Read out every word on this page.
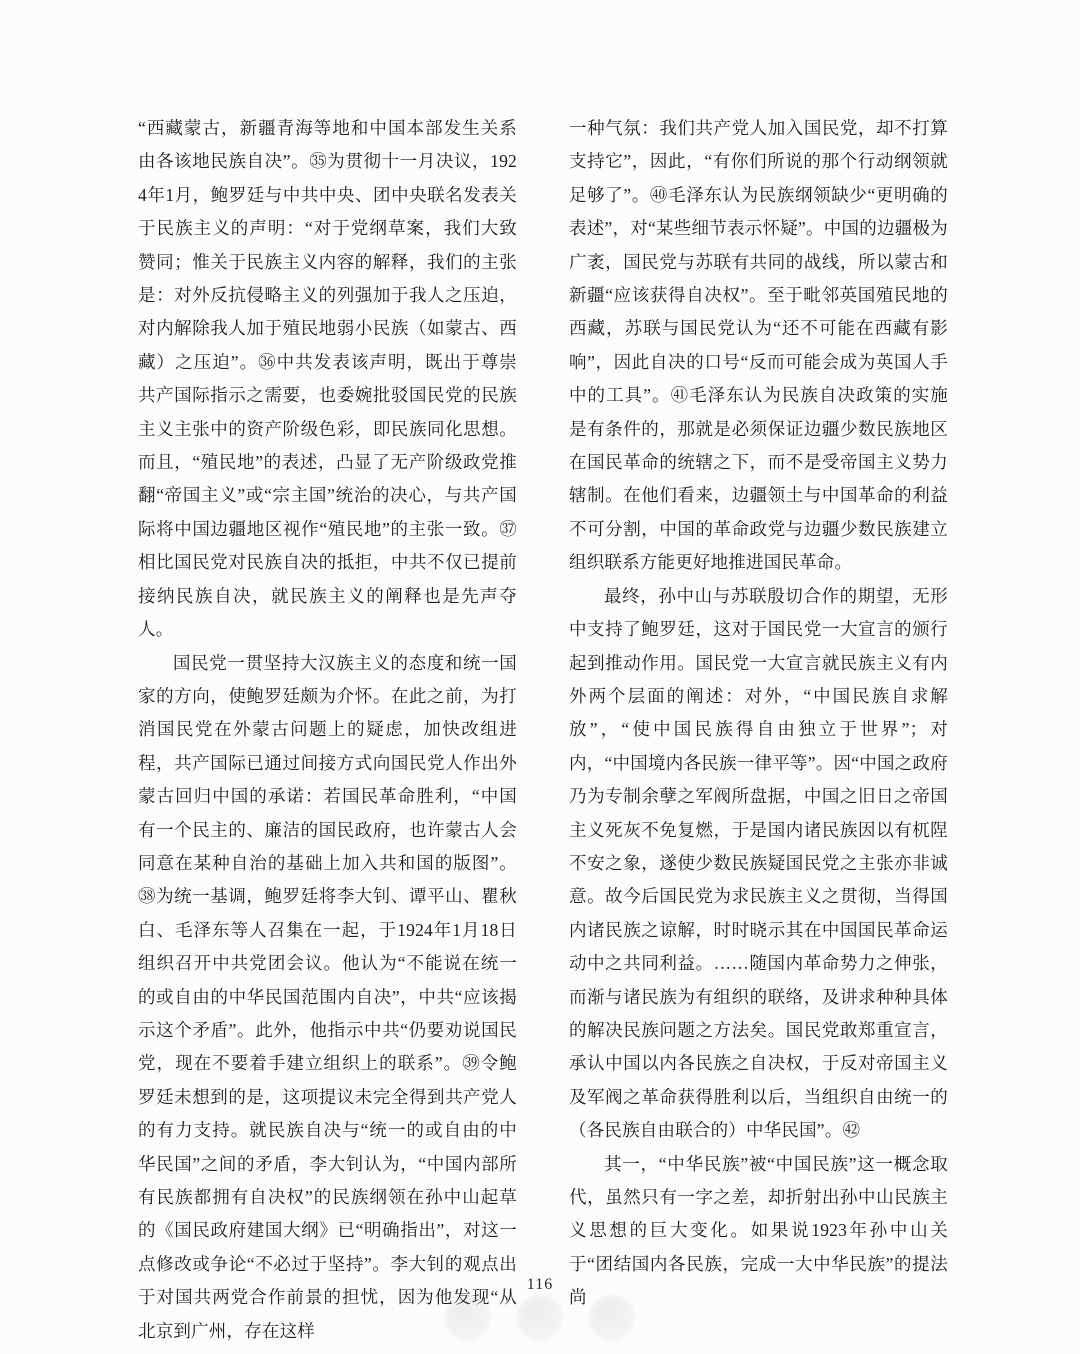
“西藏蒙古，新疆青海等地和中国本部发生关系由各该地民族自决”。㉟为贯彻十一月决议，1924年1月，鲍罗廷与中共中央、团中央联名发表关于民族主义的声明：“对于党纲草案，我们大致赞同；惟关于民族主义内容的解释，我们的主张是：对外反抗侵略主义的列强加于我人之压迫，对内解除我人加于殖民地弱小民族（如蒙古、西藏）之压迫”。㊱中共发表该声明，既出于尊崇共产国际指示之需要，也委婉批驳国民党的民族主义主张中的资产阶级色彩，即民族同化思想。而且，“殖民地”的表述，凸显了无产阶级政党推翻“帝国主义”或“宗主国”统治的决心，与共产国际将中国边疆地区视作“殖民地”的主张一致。㊲相比国民党对民族自决的抵拒，中共不仅已提前接纳民族自决，就民族主义的阐释也是先声夺人。

国民党一贯坚持大汉族主义的态度和统一国家的方向，使鲍罗廷颇为介怀。在此之前，为打消国民党在外蒙古问题上的疑虑，加快改组进程，共产国际已通过间接方式向国民党人作出外蒙古回归中国的承诺：若国民革命胜利，“中国有一个民主的、廉洁的国民政府，也许蒙古人会同意在某种自治的基础上加入共和国的版图”。㊳为统一基调，鲍罗廷将李大钊、谭平山、瞿秋白、毛泽东等人召集在一起，于1924年1月18日组织召开中共党团会议。他认为“不能说在统一的或自由的中华民国范围内自决”，中共“应该揭示这个矛盾”。此外，他指示中共“仍要劝说国民党，现在不要着手建立组织上的联系”。㊴令鲍罗廷未想到的是，这项提议未完全得到共产党人的有力支持。就民族自决与“统一的或自由的中华民国”之间的矛盾，李大钊认为，“中国内部所有民族都拥有自决权”的民族纲领在孙中山起草的《国民政府建国大纲》已“明确指出”，对这一点修改或争论“不必过于坚持”。李大钊的观点出于对国共两党合作前景的担忧，因为他发现“从北京到广州，存在这样

一种气氛：我们共产党人加入国民党，却不打算支持它”，因此，“有你们所说的那个行动纲领就足够了”。㊵毛泽东认为民族纲领缺少“更明确的表述”，对“某些细节表示怀疑”。中国的边疆极为广袤，国民党与苏联有共同的战线，所以蒙古和新疆“应该获得自决权”。至于毗邻英国殖民地的西藏，苏联与国民党认为“还不可能在西藏有影响”，因此自决的口号“反而可能会成为英国人手中的工具”。㊶毛泽东认为民族自决政策的实施是有条件的，那就是必须保证边疆少数民族地区在国民革命的统辖之下，而不是受帝国主义势力辖制。在他们看来，边疆领土与中国革命的利益不可分割，中国的革命政党与边疆少数民族建立组织联系方能更好地推进国民革命。

最终，孙中山与苏联殷切合作的期望，无形中支持了鲍罗廷，这对于国民党一大宣言的颁行起到推动作用。国民党一大宣言就民族主义有内外两个层面的阐述：对外，“中国民族自求解放”，“使中国民族得自由独立于世界”；对内，“中国境内各民族一律平等”。因“中国之政府乃为专制余孽之军阀所盘据，中国之旧日之帝国主义死灰不免复燃，于是国内诸民族因以有杌陧不安之象，遂使少数民族疑国民党之主张亦非诚意。故今后国民党为求民族主义之贯彻，当得国内诸民族之谅解，时时晓示其在中国国民革命运动中之共同利益。……随国内革命势力之伸张，而渐与诸民族为有组织的联络，及讲求种种具体的解决民族问题之方法矣。国民党敢郑重宣言，承认中国以内各民族之自决权，于反对帝国主义及军阀之革命获得胜利以后，当组织自由统一的（各民族自由联合的）中华民国”。㊷

其一，“中华民族”被“中国民族”这一概念取代，虽然只有一字之差，却折射出孙中山民族主义思想的巨大变化。如果说1923年孙中山关于“团结国内各民族，完成一大中华民族”的提法尚

116
